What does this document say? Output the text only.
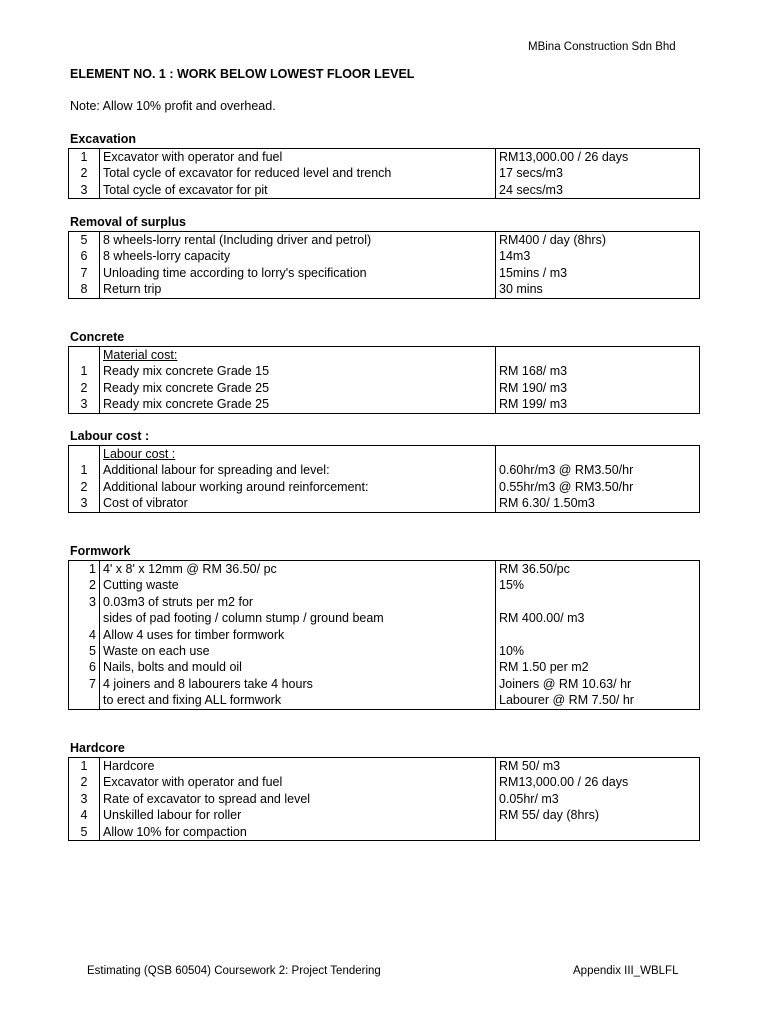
MBina Construction Sdn Bhd
ELEMENT NO. 1 : WORK BELOW LOWEST FLOOR LEVEL
Note: Allow 10% profit and overhead.
Excavation
1	Excavator with operator and fuel	RM13,000.00 / 26 days
2	Total cycle of excavator for reduced level and trench	17 secs/m3
3	Total cycle of excavator for pit	24 secs/m3
Removal of surplus
5	8 wheels-lorry rental (Including driver and petrol)	RM400 / day (8hrs)
6	8 wheels-lorry capacity	14m3
7	Unloading time according to lorry's specification	15mins / m3
8	Return trip	30 mins
Concrete
	Material cost:	
1	Ready mix concrete Grade 15	RM 168/ m3
2	Ready mix concrete Grade 25	RM 190/ m3
3	Ready mix concrete Grade 25	RM 199/ m3
Labour cost :
	Labour cost :	
1	Additional labour for spreading and level:	0.60hr/m3 @ RM3.50/hr
2	Additional labour working around reinforcement:	0.55hr/m3 @ RM3.50/hr
3	Cost of vibrator	RM 6.30/ 1.50m3
Formwork
1	4' x 8' x 12mm @ RM 36.50/ pc	RM 36.50/pc
2	Cutting waste	15%
3	0.03m3 of struts per m2 for	
	sides of pad footing / column stump / ground beam	RM 400.00/ m3
4	Allow 4 uses for timber formwork	
5	Waste on each use	10%
6	Nails, bolts and mould oil	RM 1.50 per m2
7	4 joiners and 8 labourers take 4 hours	Joiners @ RM 10.63/ hr
	to erect and fixing ALL formwork	Labourer @ RM 7.50/ hr
Hardcore
1	Hardcore	RM 50/ m3
2	Excavator with operator and fuel	RM13,000.00 / 26 days
3	Rate of excavator to spread and level	0.05hr/ m3
4	Unskilled labour for roller	RM 55/ day (8hrs)
5	Allow 10% for compaction	
Estimating (QSB 60504) Coursework 2: Project Tendering	Appendix III_WBLFL
